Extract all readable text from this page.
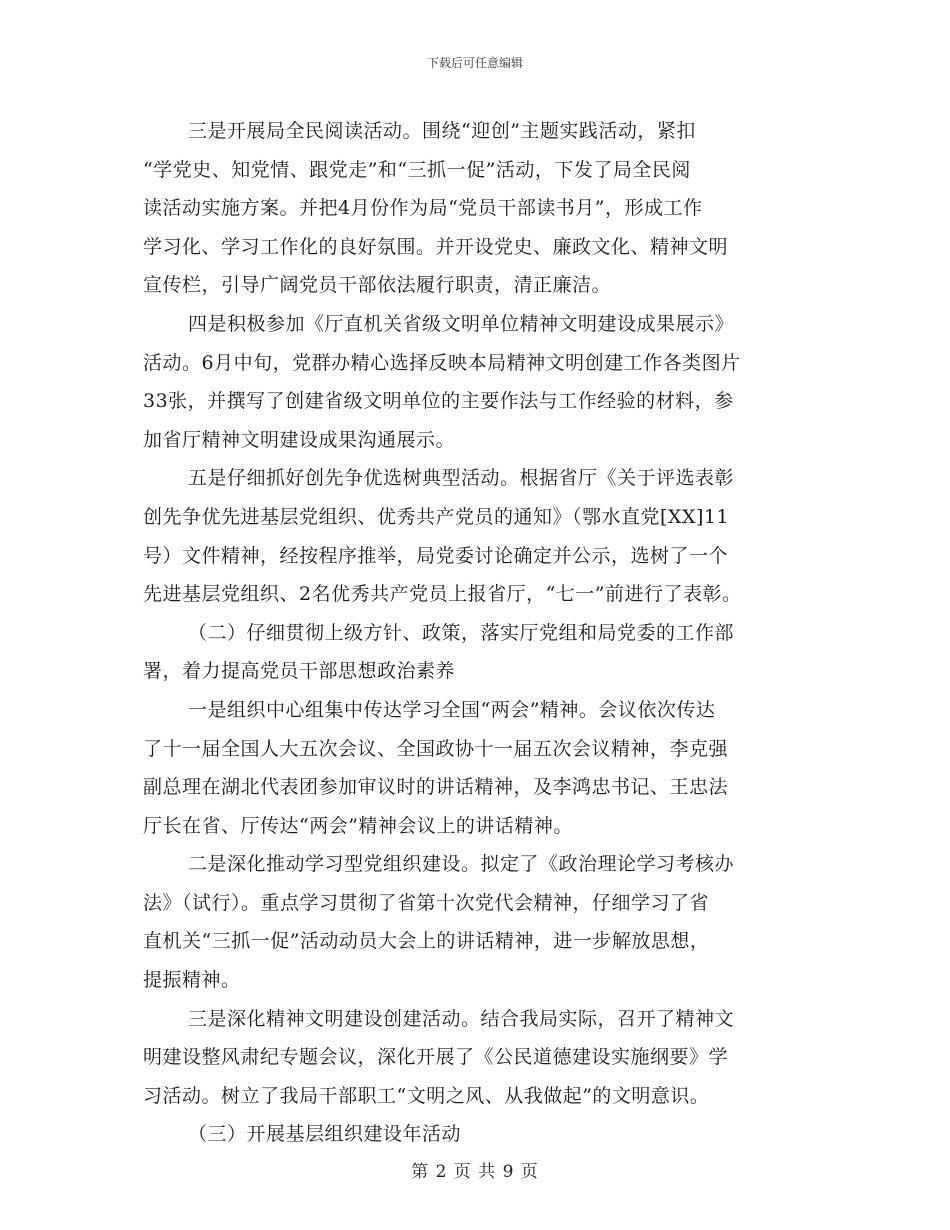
下载后可任意编辑
三是开展局全民阅读活动。围绕“迎创”主题实践活动，紧扣
“学党史、知党情、跟党走”和“三抓一促”活动，下发了局全民阅
读活动实施方案。并把4月份作为局“党员干部读书月”，形成工作
学习化、学习工作化的良好氛围。并开设党史、廉政文化、精神文明
宣传栏，引导广阔党员干部依法履行职责，清正廉洁。
四是积极参加《厅直机关省级文明单位精神文明建设成果展示》
活动。6月中旬，党群办精心选择反映本局精神文明创建工作各类图片
33张，并撰写了创建省级文明单位的主要作法与工作经验的材料，参
加省厅精神文明建设成果沟通展示。
五是仔细抓好创先争优选树典型活动。根据省厅《关于评选表彰
创先争优先进基层党组织、优秀共产党员的通知》（鄂水直党[XX]11
号）文件精神，经按程序推举，局党委讨论确定并公示，选树了一个
先进基层党组织、2名优秀共产党员上报省厅，“七一”前进行了表彰。
（二）仔细贯彻上级方针、政策，落实厅党组和局党委的工作部
署，着力提高党员干部思想政治素养
一是组织中心组集中传达学习全国“两会”精神。会议依次传达
了十一届全国人大五次会议、全国政协十一届五次会议精神，李克强
副总理在湖北代表团参加审议时的讲话精神，及李鸿忠书记、王忠法
厅长在省、厅传达“两会”精神会议上的讲话精神。
二是深化推动学习型党组织建设。拟定了《政治理论学习考核办
法》（试行）。重点学习贯彻了省第十次党代会精神，仔细学习了省
直机关“三抓一促”活动动员大会上的讲话精神，进一步解放思想，
提振精神。
三是深化精神文明建设创建活动。结合我局实际，召开了精神文
明建设整风肃纪专题会议，深化开展了《公民道德建设实施纲要》学
习活动。树立了我局干部职工“文明之风、从我做起”的文明意识。
（三）开展基层组织建设年活动
第 2 页 共 9 页
